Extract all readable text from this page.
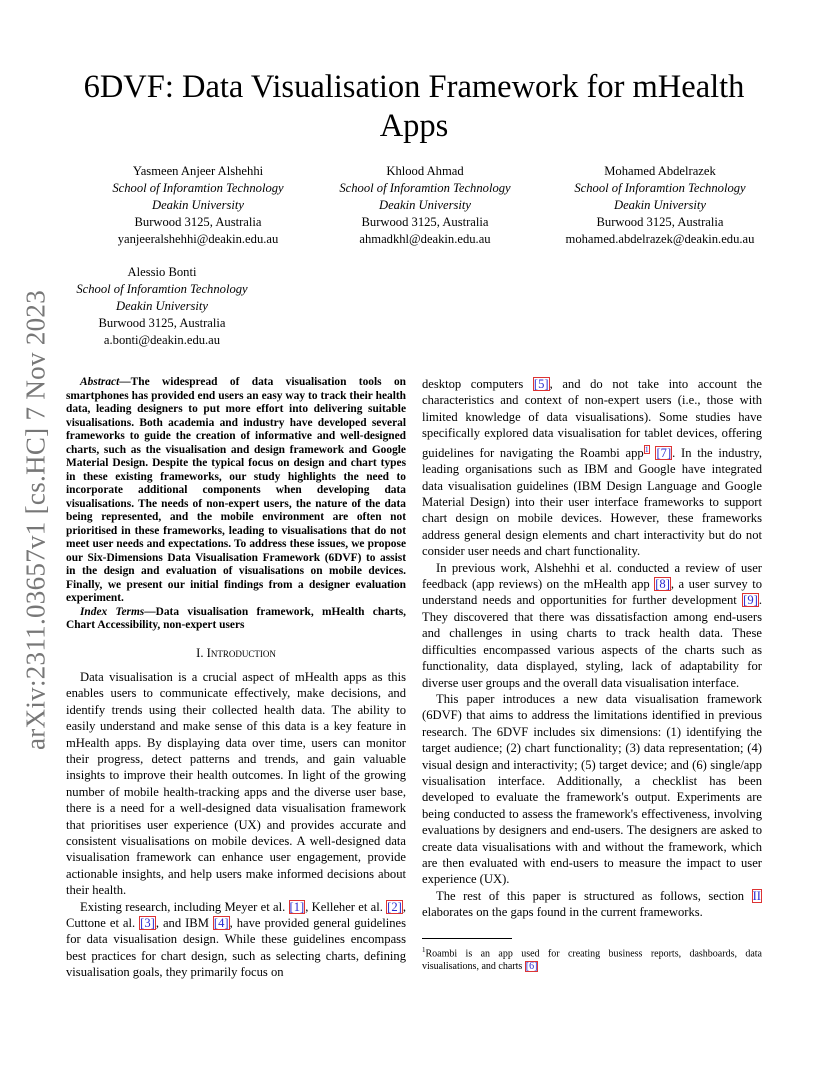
arXiv:2311.03657v1 [cs.HC] 7 Nov 2023
6DVF: Data Visualisation Framework for mHealth Apps
Yasmeen Anjeer Alshehhi
School of Inforamtion Technology
Deakin University
Burwood 3125, Australia
yanjeeralshehhi@deakin.edu.au
Khlood Ahmad
School of Inforamtion Technology
Deakin University
Burwood 3125, Australia
ahmadkhl@deakin.edu.au
Mohamed Abdelrazek
School of Inforamtion Technology
Deakin University
Burwood 3125, Australia
mohamed.abdelrazek@deakin.edu.au
Alessio Bonti
School of Inforamtion Technology
Deakin University
Burwood 3125, Australia
a.bonti@deakin.edu.au

Abstract—The widespread of data visualisation tools on smartphones has provided end users an easy way to track their health data, leading designers to put more effort into delivering suitable visualisations. Both academia and industry have developed several frameworks to guide the creation of informative and well-designed charts, such as the visualisation and design framework and Google Material Design. Despite the typical focus on design and chart types in these existing frameworks, our study highlights the need to incorporate additional components when developing data visualisations. The needs of non-expert users, the nature of the data being represented, and the mobile environment are often not prioritised in these frameworks, leading to visualisations that do not meet user needs and expectations. To address these issues, we propose our Six-Dimensions Data Visualisation Framework (6DVF) to assist in the design and evaluation of visualisations on mobile devices. Finally, we present our initial findings from a designer evaluation experiment.

Index Terms—Data visualisation framework, mHealth charts, Chart Accessibility, non-expert users

I. Introduction

Data visualisation is a crucial aspect of mHealth apps as this enables users to communicate effectively, make decisions, and identify trends using their collected health data. The ability to easily understand and make sense of this data is a key feature in mHealth apps. By displaying data over time, users can monitor their progress, detect patterns and trends, and gain valuable insights to improve their health outcomes. In light of the growing number of mobile health-tracking apps and the diverse user base, there is a need for a well-designed data visualisation framework that prioritises user experience (UX) and provides accurate and consistent visualisations on mobile devices. A well-designed data visualisation framework can enhance user engagement, provide actionable insights, and help users make informed decisions about their health.

Existing research, including Meyer et al. [1], Kelleher et al. [2], Cuttone et al. [3], and IBM [4], have provided general guidelines for data visualisation design. While these guidelines encompass best practices for chart design, such as selecting charts, defining visualisation goals, they primarily focus on

desktop computers [5], and do not take into account the characteristics and context of non-expert users (i.e., those with limited knowledge of data visualisations). Some studies have specifically explored data visualisation for tablet devices, offering guidelines for navigating the Roambi app$^1$ [7]. In the industry, leading organisations such as IBM and Google have integrated data visualisation guidelines (IBM Design Language and Google Material Design) into their user interface frameworks to support chart design on mobile devices. However, these frameworks address general design elements and chart interactivity but do not consider user needs and chart functionality.

In previous work, Alshehhi et al. conducted a review of user feedback (app reviews) on the mHealth app [8], a user survey to understand needs and opportunities for further development [9]. They discovered that there was dissatisfaction among end-users and challenges in using charts to track health data. These difficulties encompassed various aspects of the charts such as functionality, data displayed, styling, lack of adaptability for diverse user groups and the overall data visualisation interface.

This paper introduces a new data visualisation framework (6DVF) that aims to address the limitations identified in previous research. The 6DVF includes six dimensions: (1) identifying the target audience; (2) chart functionality; (3) data representation; (4) visual design and interactivity; (5) target device; and (6) single/app visualisation interface. Additionally, a checklist has been developed to evaluate the framework's output. Experiments are being conducted to assess the framework's effectiveness, involving evaluations by designers and end-users. The designers are asked to create data visualisations with and without the framework, which are then evaluated with end-users to measure the impact to user experience (UX).

The rest of this paper is structured as follows, section II elaborates on the gaps found in the current frameworks.

$^1$Roambi is an app used for creating business reports, dashboards, data visualisations, and charts [6]
